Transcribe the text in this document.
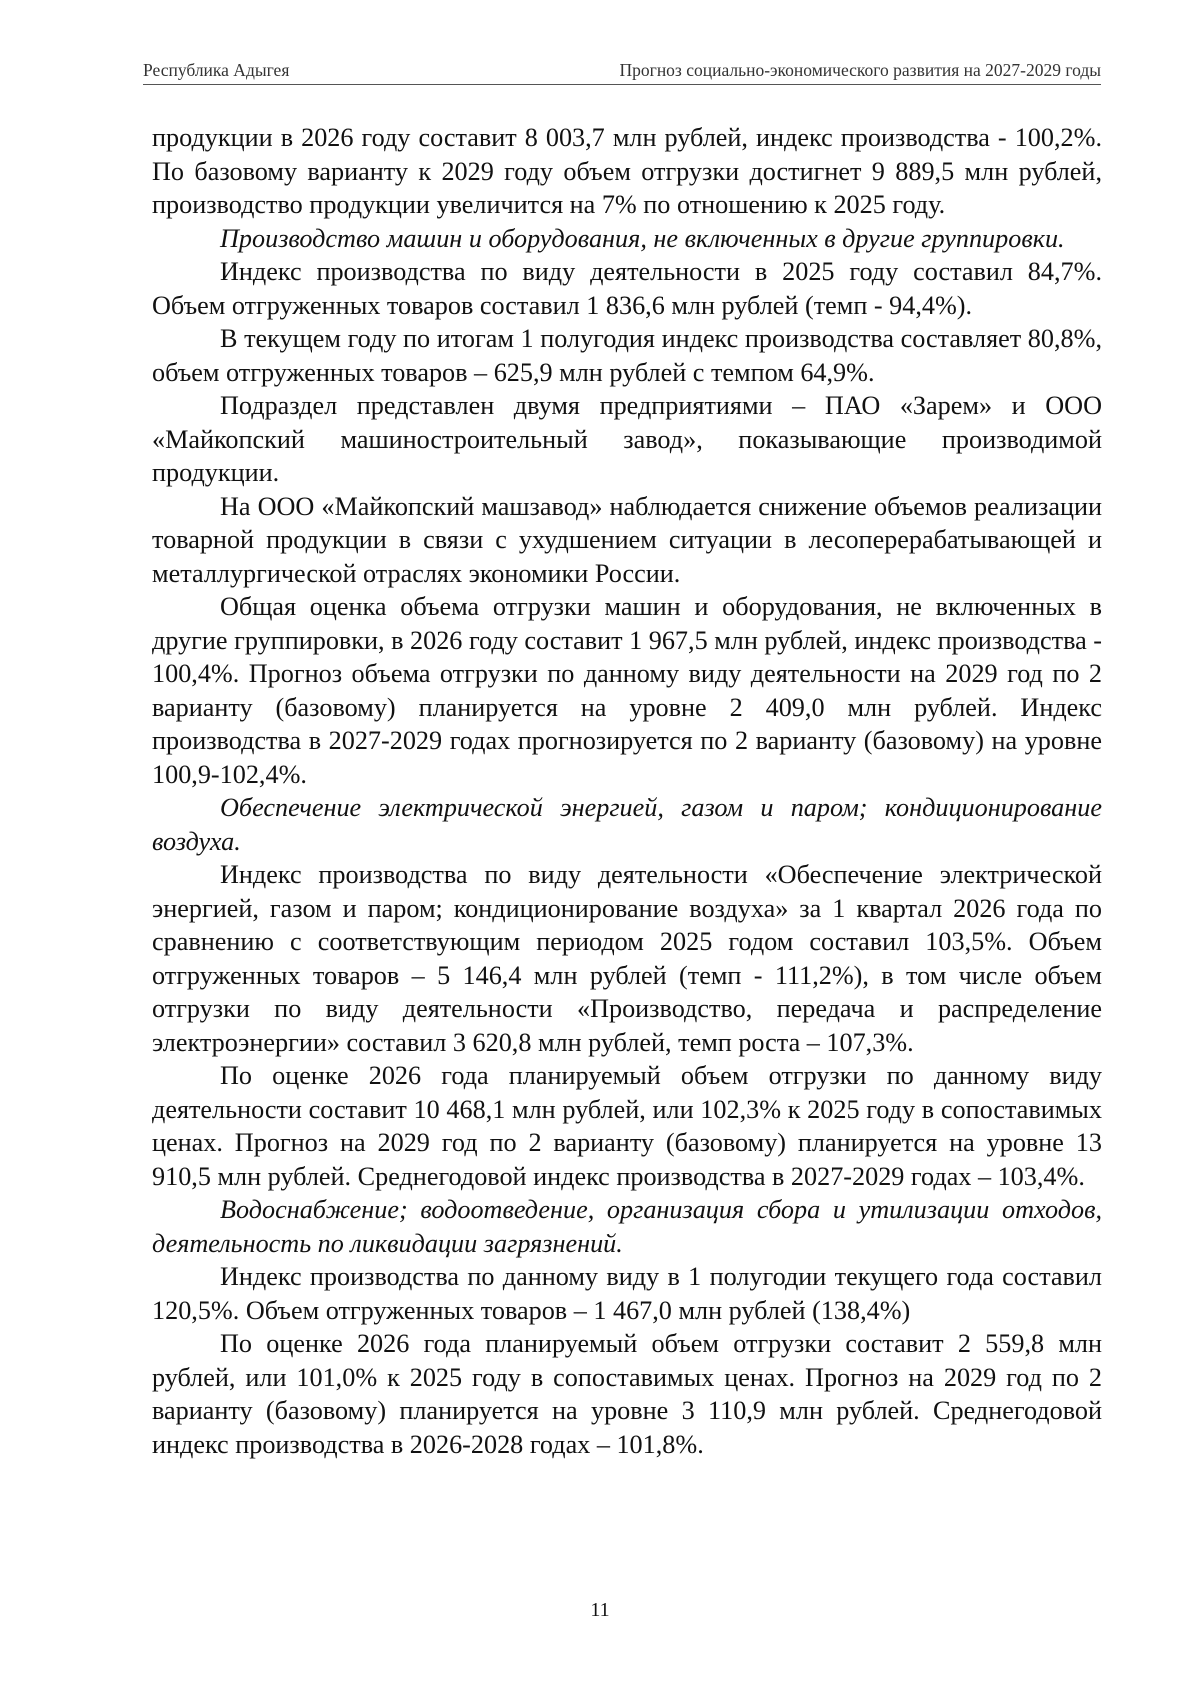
Республика Адыгея	Прогноз социально-экономического развития на 2027-2029 годы

продукции в 2026 году составит 8 003,7 млн рублей, индекс производства - 100,2%. По базовому варианту к 2029 году объем отгрузки достигнет 9 889,5 млн рублей, производство продукции увеличится на 7% по отношению к 2025 году.

Производство машин и оборудования, не включенных в другие группировки.

Индекс производства по виду деятельности в 2025 году составил 84,7%. Объем отгруженных товаров составил 1 836,6 млн рублей (темп - 94,4%).

В текущем году по итогам 1 полугодия индекс производства составляет 80,8%, объем отгруженных товаров – 625,9 млн рублей с темпом 64,9%.

Подраздел представлен двумя предприятиями – ПАО «Зарем» и ООО «Майкопский машиностроительный завод», показывающие производимой продукции.

На ООО «Майкопский машзавод» наблюдается снижение объемов реализации товарной продукции в связи с ухудшением ситуации в лесоперерабатывающей и металлургической отраслях экономики России.

Общая оценка объема отгрузки машин и оборудования, не включенных в другие группировки, в 2026 году составит 1 967,5 млн рублей, индекс производства - 100,4%. Прогноз объема отгрузки по данному виду деятельности на 2029 год по 2 варианту (базовому) планируется на уровне 2 409,0 млн рублей. Индекс производства в 2027-2029 годах прогнозируется по 2 варианту (базовому) на уровне 100,9-102,4%.

Обеспечение электрической энергией, газом и паром; кондиционирование воздуха.

Индекс производства по виду деятельности «Обеспечение электрической энергией, газом и паром; кондиционирование воздуха» за 1 квартал 2026 года по сравнению с соответствующим периодом 2025 годом составил 103,5%. Объем отгруженных товаров – 5 146,4 млн рублей (темп - 111,2%), в том числе объем отгрузки по виду деятельности «Производство, передача и распределение электроэнергии» составил 3 620,8 млн рублей, темп роста – 107,3%.

По оценке 2026 года планируемый объем отгрузки по данному виду деятельности составит 10 468,1 млн рублей, или 102,3% к 2025 году в сопоставимых ценах. Прогноз на 2029 год по 2 варианту (базовому) планируется на уровне 13 910,5 млн рублей. Среднегодовой индекс производства в 2027-2029 годах – 103,4%.

Водоснабжение; водоотведение, организация сбора и утилизации отходов, деятельность по ликвидации загрязнений.

Индекс производства по данному виду в 1 полугодии текущего года составил 120,5%. Объем отгруженных товаров – 1 467,0 млн рублей (138,4%)

По оценке 2026 года планируемый объем отгрузки составит 2 559,8 млн рублей, или 101,0% к 2025 году в сопоставимых ценах. Прогноз на 2029 год по 2 варианту (базовому) планируется на уровне 3 110,9 млн рублей. Среднегодовой индекс производства в 2026-2028 годах – 101,8%.

11
